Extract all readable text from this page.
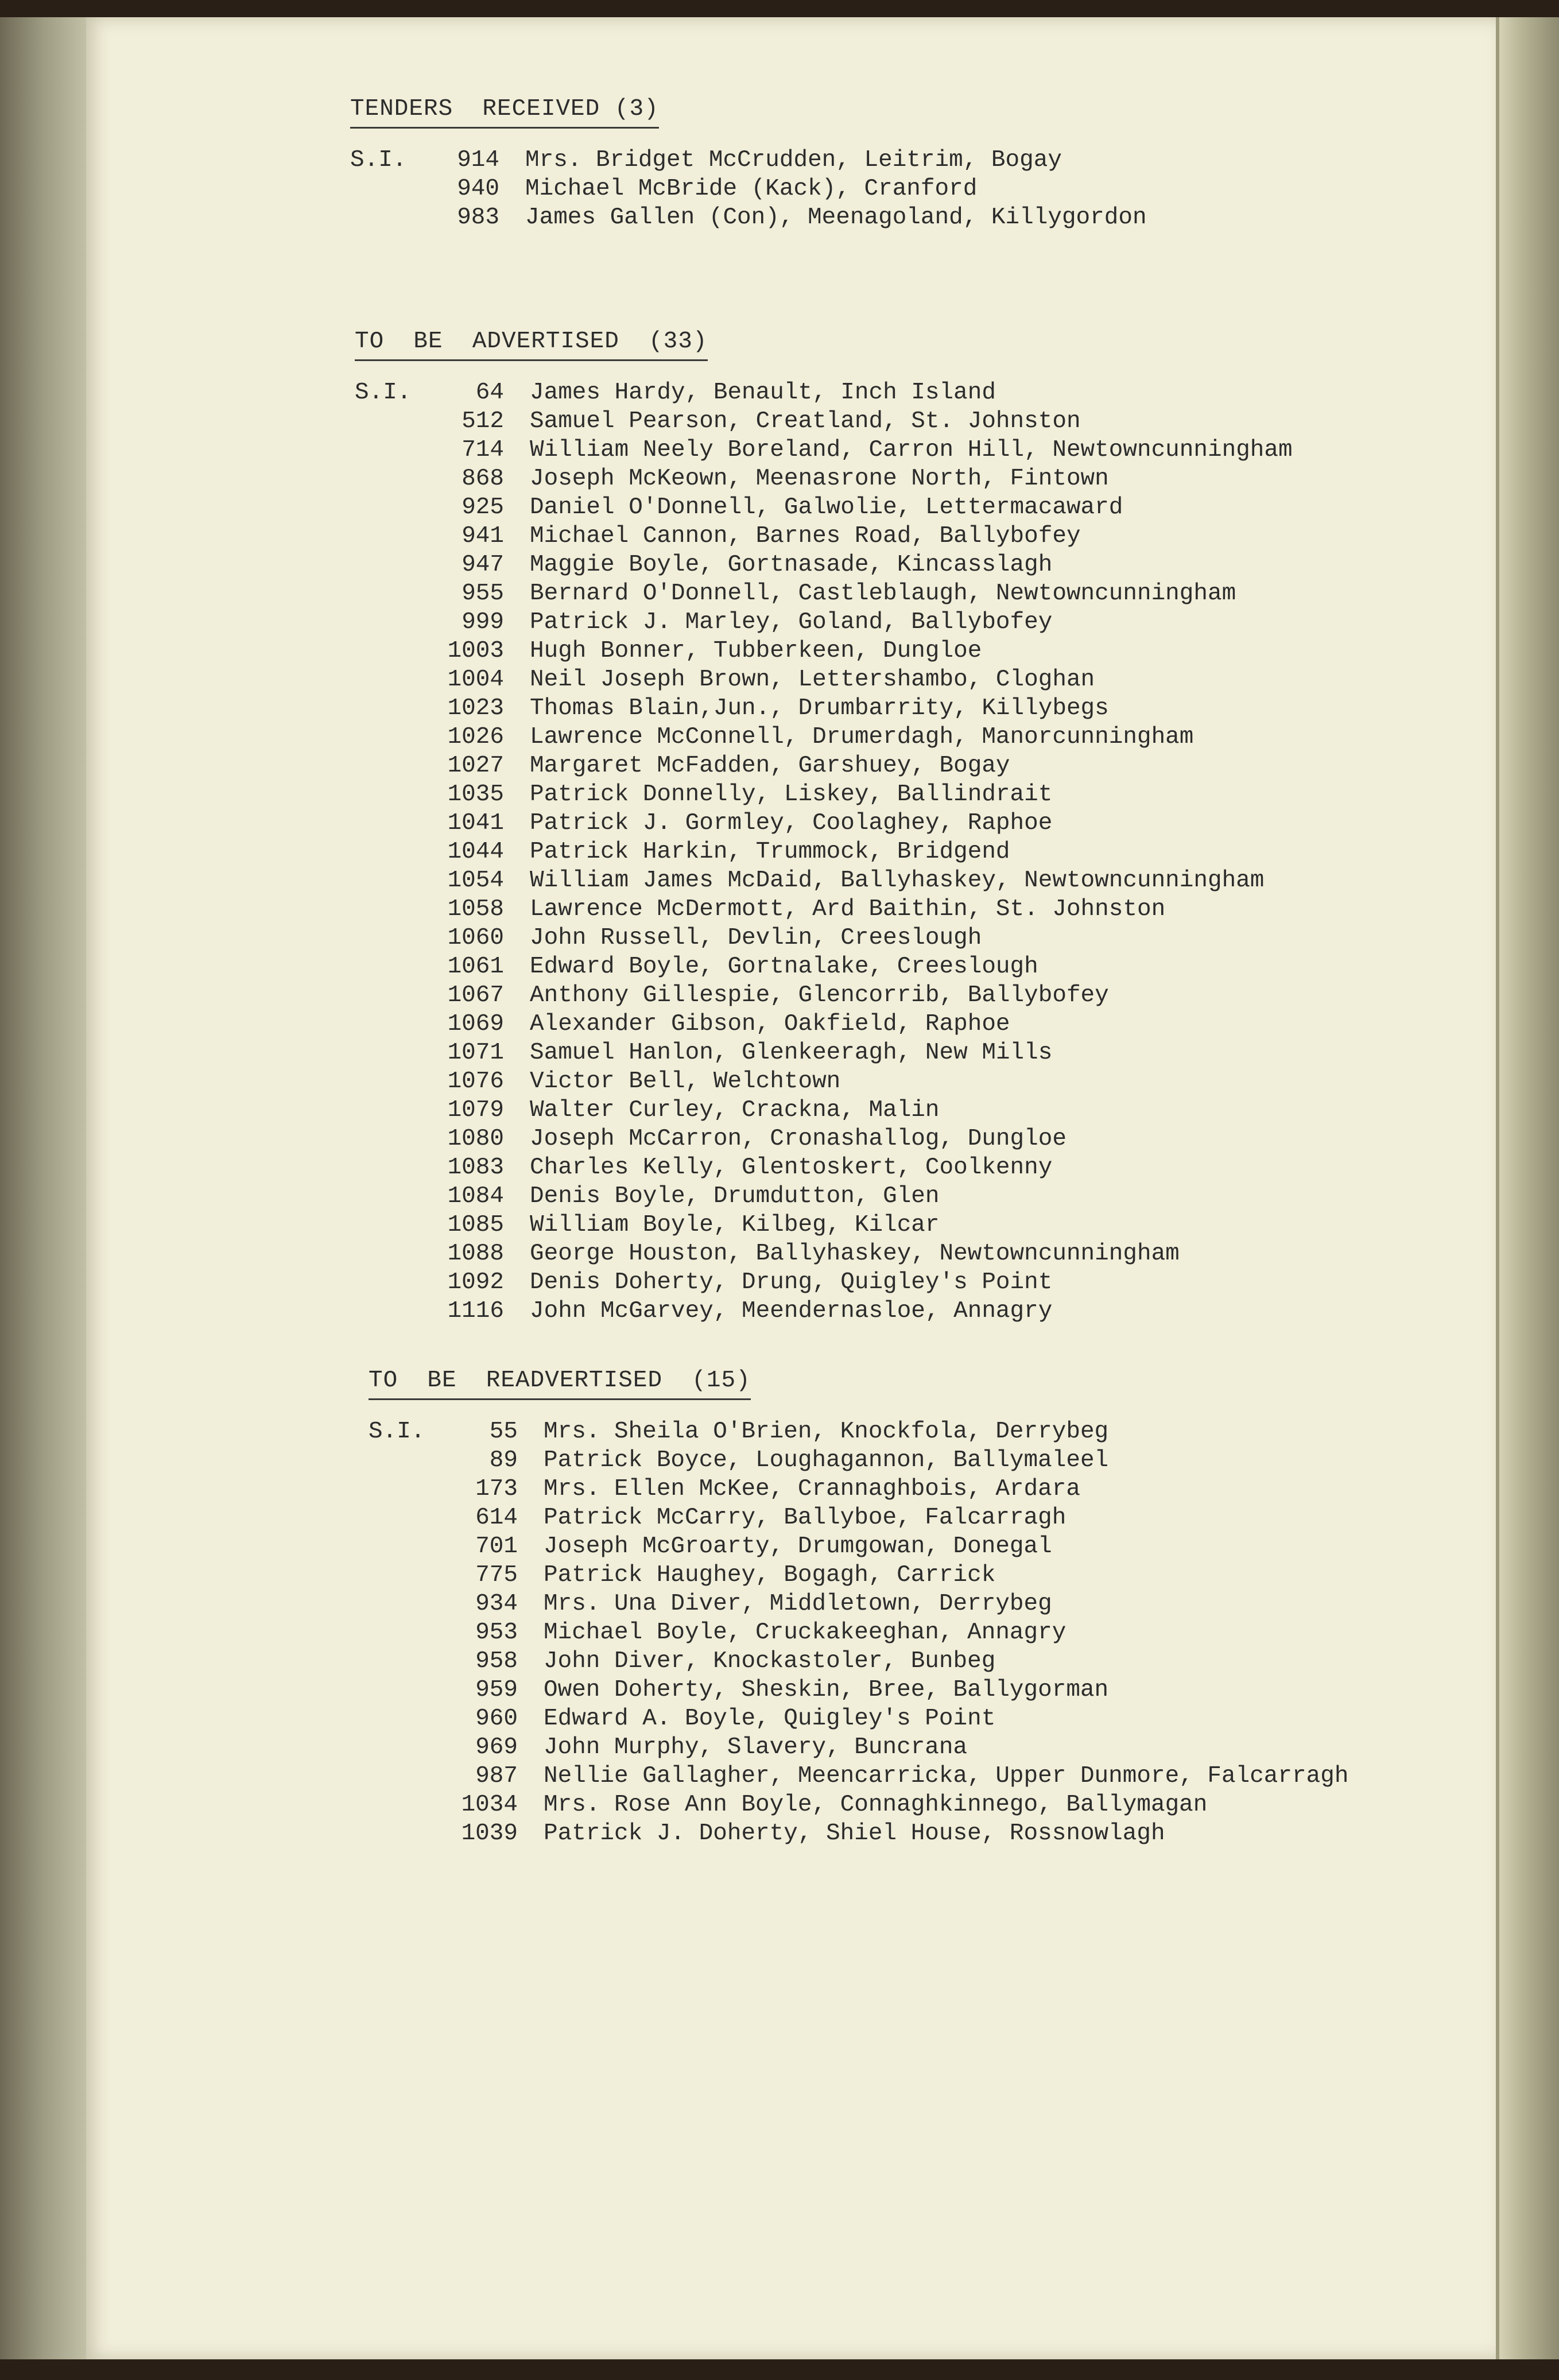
TENDERS  RECEIVED (3)
S.I.	914 Mrs. Bridget McCrudden, Leitrim, Bogay
940 Michael McBride (Kack), Cranford
983 James Gallen (Con), Meenagoland, Killygordon
TO  BE  ADVERTISED  (33)
S.I.	64 James Hardy, Benault, Inch Island
512 Samuel Pearson, Creatland, St. Johnston
714 William Neely Boreland, Carron Hill, Newtowncunningham
868 Joseph McKeown, Meenasrone North, Fintown
925 Daniel O'Donnell, Galwolie, Lettermacaward
941 Michael Cannon, Barnes Road, Ballybofey
947 Maggie Boyle, Gortnasade, Kincasslagh
955 Bernard O'Donnell, Castleblaugh, Newtowncunningham
999 Patrick J. Marley, Goland, Ballybofey
1003 Hugh Bonner, Tubberkeen, Dungloe
1004 Neil Joseph Brown, Lettershambo, Cloghan
1023 Thomas Blain,Jun., Drumbarrity, Killybegs
1026 Lawrence McConnell, Drumerdagh, Manorcunningham
1027 Margaret McFadden, Garshuey, Bogay
1035 Patrick Donnelly, Liskey, Ballindrait
1041 Patrick J. Gormley, Coolaghey, Raphoe
1044 Patrick Harkin, Trummock, Bridgend
1054 William James McDaid, Ballyhaskey, Newtowncunningham
1058 Lawrence McDermott, Ard Baithin, St. Johnston
1060 John Russell, Devlin, Creeslough
1061 Edward Boyle, Gortnalake, Creeslough
1067 Anthony Gillespie, Glencorrib, Ballybofey
1069 Alexander Gibson, Oakfield, Raphoe
1071 Samuel Hanlon, Glenkeeragh, New Mills
1076 Victor Bell, Welchtown
1079 Walter Curley, Crackna, Malin
1080 Joseph McCarron, Cronashallog, Dungloe
1083 Charles Kelly, Glentoskert, Coolkenny
1084 Denis Boyle, Drumdutton, Glen
1085 William Boyle, Kilbeg, Kilcar
1088 George Houston, Ballyhaskey, Newtowncunningham
1092 Denis Doherty, Drung, Quigley's Point
1116 John McGarvey, Meendernasloe, Annagry
TO  BE  READVERTISED  (15)
S.I.	55 Mrs. Sheila O'Brien, Knockfola, Derrybeg
89 Patrick Boyce, Loughagannon, Ballymaleel
173 Mrs. Ellen McKee, Crannaghbois, Ardara
614 Patrick McCarry, Ballyboe, Falcarragh
701 Joseph McGroarty, Drumgowan, Donegal
775 Patrick Haughey, Bogagh, Carrick
934 Mrs. Una Diver, Middletown, Derrybeg
953 Michael Boyle, Cruckakeeghan, Annagry
958 John Diver, Knockastoler, Bunbeg
959 Owen Doherty, Sheskin, Bree, Ballygorman
960 Edward A. Boyle, Quigley's Point
969 John Murphy, Slavery, Buncrana
987 Nellie Gallagher, Meencarricka, Upper Dunmore, Falcarragh
1034 Mrs. Rose Ann Boyle, Connaghkinnego, Ballymagan
1039 Patrick J. Doherty, Shiel House, Rossnowlagh
